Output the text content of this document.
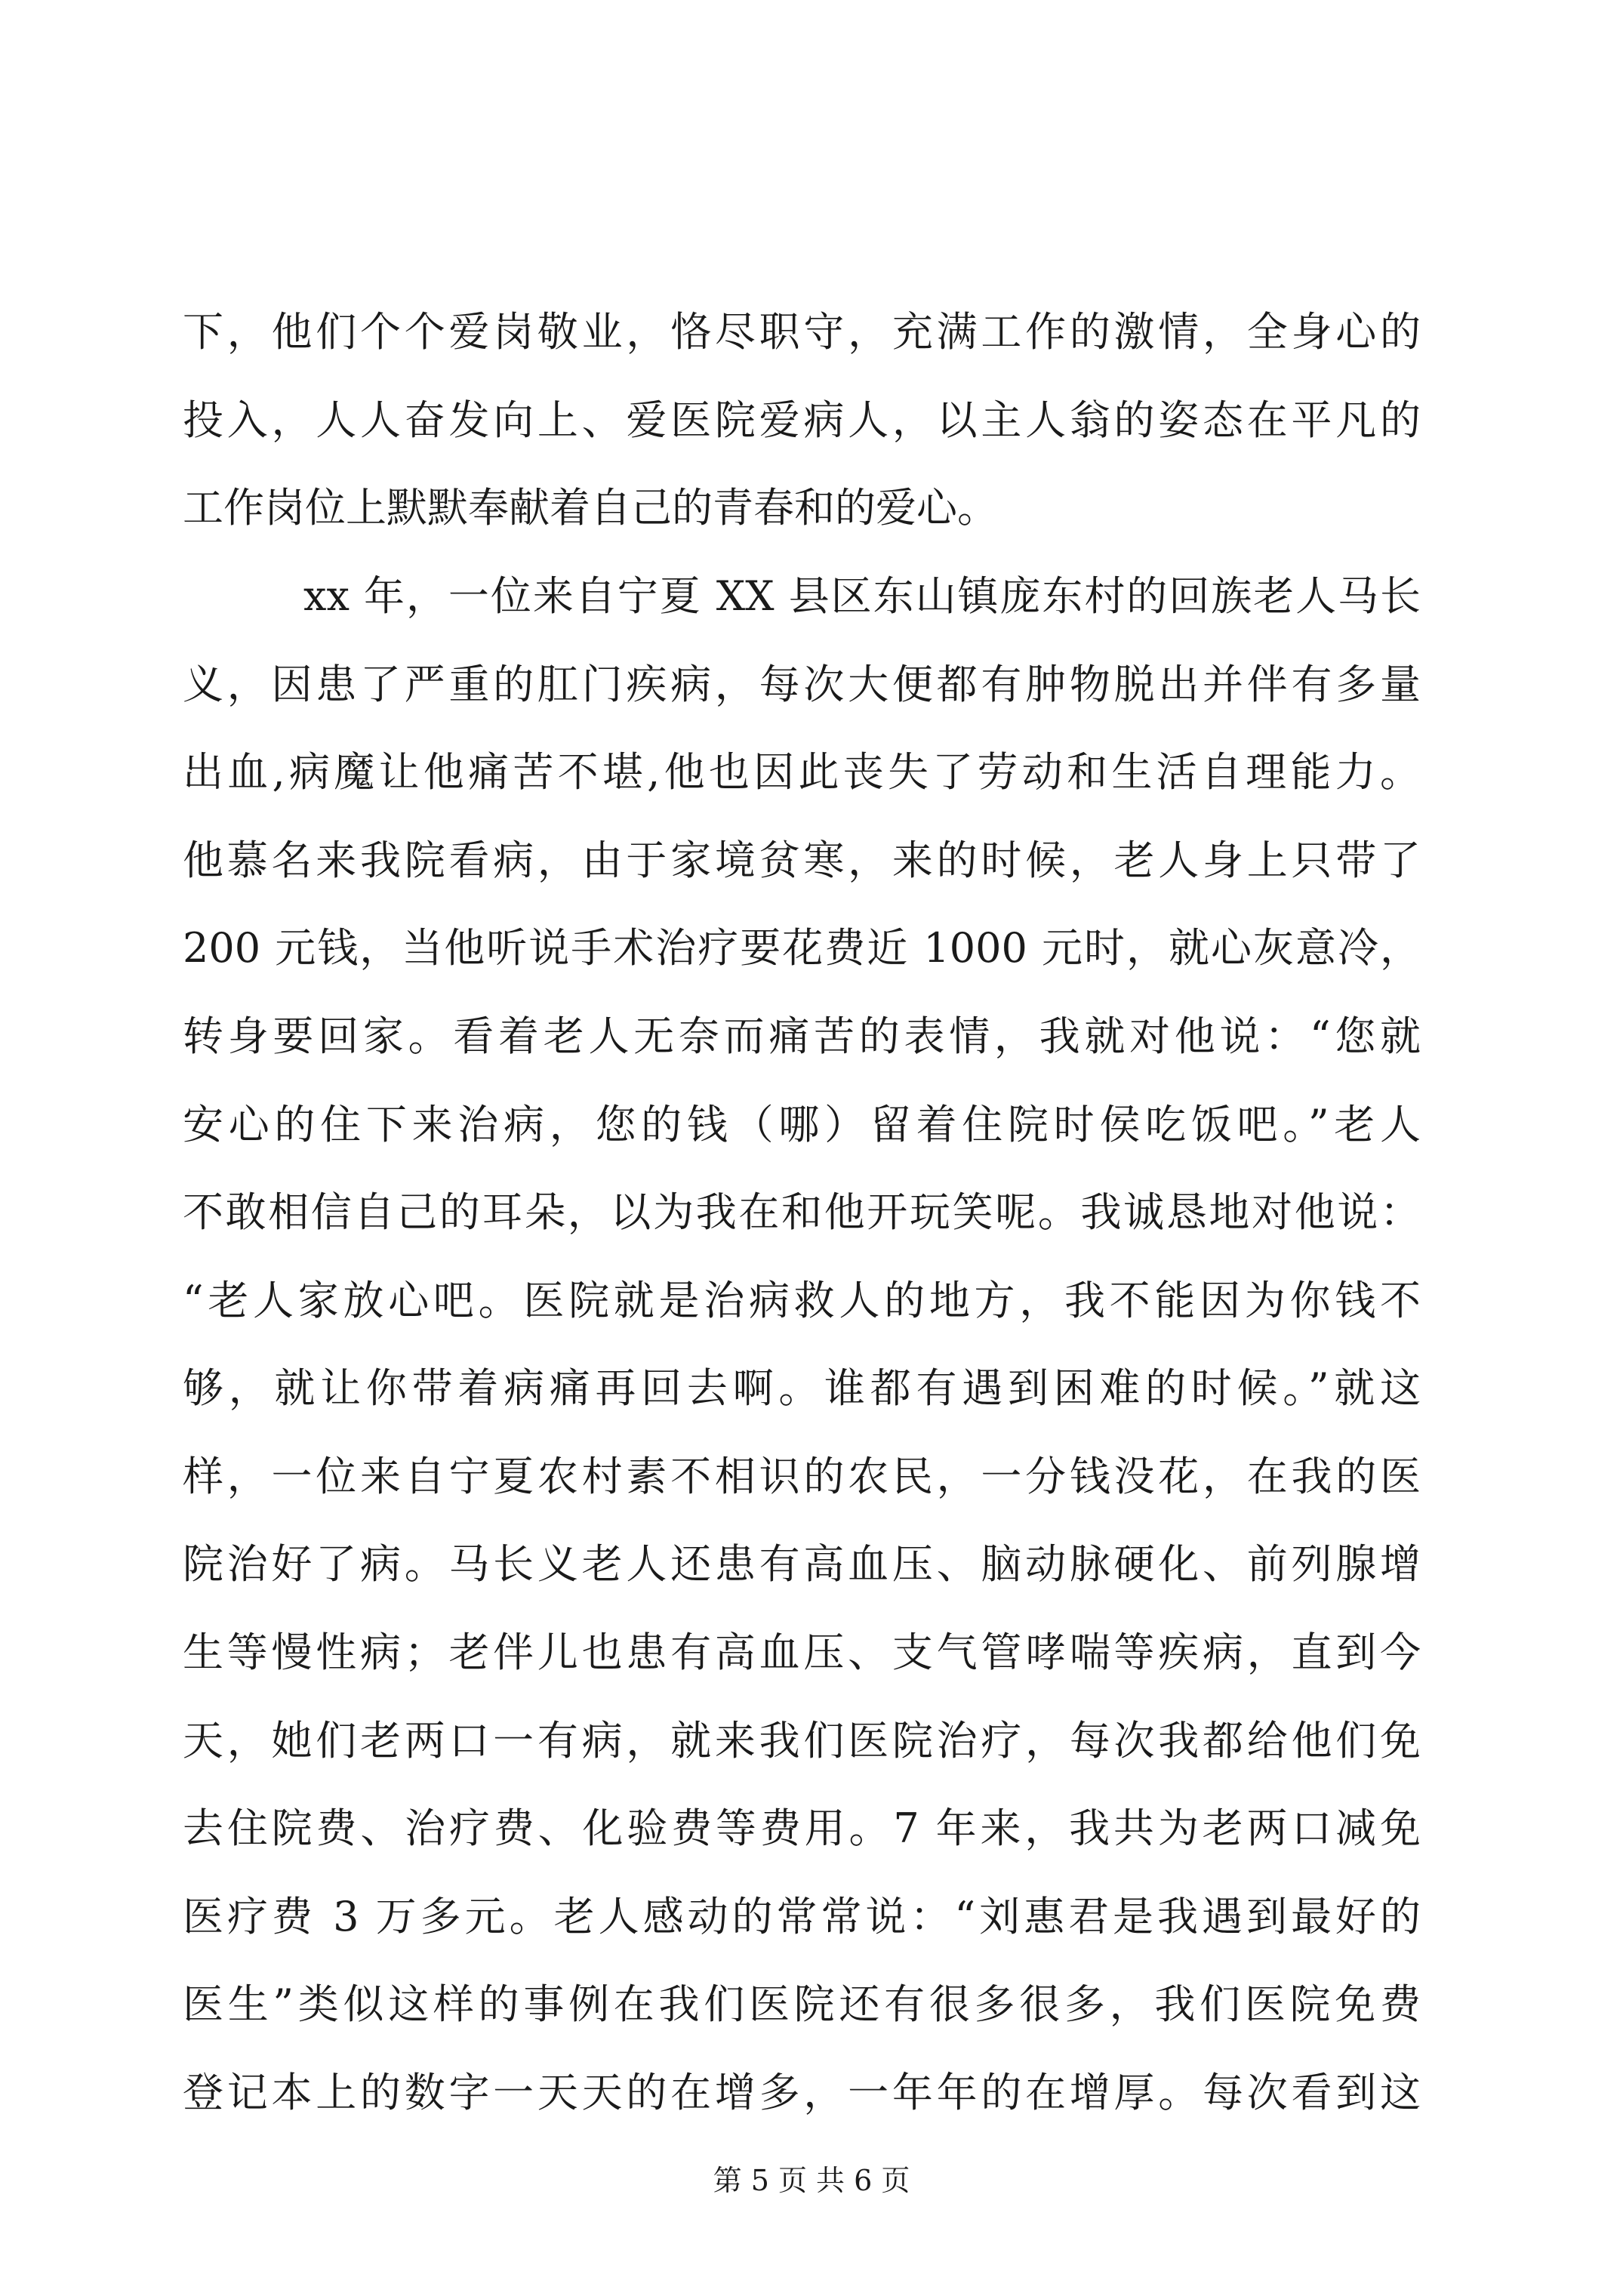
下，他们个个爱岗敬业，恪尽职守，充满工作的激情，全身心的
投入，人人奋发向上、爱医院爱病人，以主人翁的姿态在平凡的
工作岗位上默默奉献着自己的青春和的爱心。
xx 年，一位来自宁夏 XX 县区东山镇庞东村的回族老人马长
义，因患了严重的肛门疾病，每次大便都有肿物脱出并伴有多量
出血,病魔让他痛苦不堪,他也因此丧失了劳动和生活自理能力。
他慕名来我院看病，由于家境贫寒，来的时候，老人身上只带了
200 元钱，当他听说手术治疗要花费近 1000 元时，就心灰意冷，
转身要回家。看着老人无奈而痛苦的表情，我就对他说：“您就
安心的住下来治病，您的钱（哪）留着住院时侯吃饭吧。”老人
不敢相信自己的耳朵，以为我在和他开玩笑呢。我诚恳地对他说：
“老人家放心吧。医院就是治病救人的地方，我不能因为你钱不
够，就让你带着病痛再回去啊。谁都有遇到困难的时候。”就这
样，一位来自宁夏农村素不相识的农民，一分钱没花，在我的医
院治好了病。马长义老人还患有高血压、脑动脉硬化、前列腺增
生等慢性病；老伴儿也患有高血压、支气管哮喘等疾病，直到今
天，她们老两口一有病，就来我们医院治疗，每次我都给他们免
去住院费、治疗费、化验费等费用。7 年来，我共为老两口减免
医疗费 3 万多元。老人感动的常常说：“刘惠君是我遇到最好的
医生”类似这样的事例在我们医院还有很多很多，我们医院免费
登记本上的数字一天天的在增多，一年年的在增厚。每次看到这
第 5 页 共 6 页
